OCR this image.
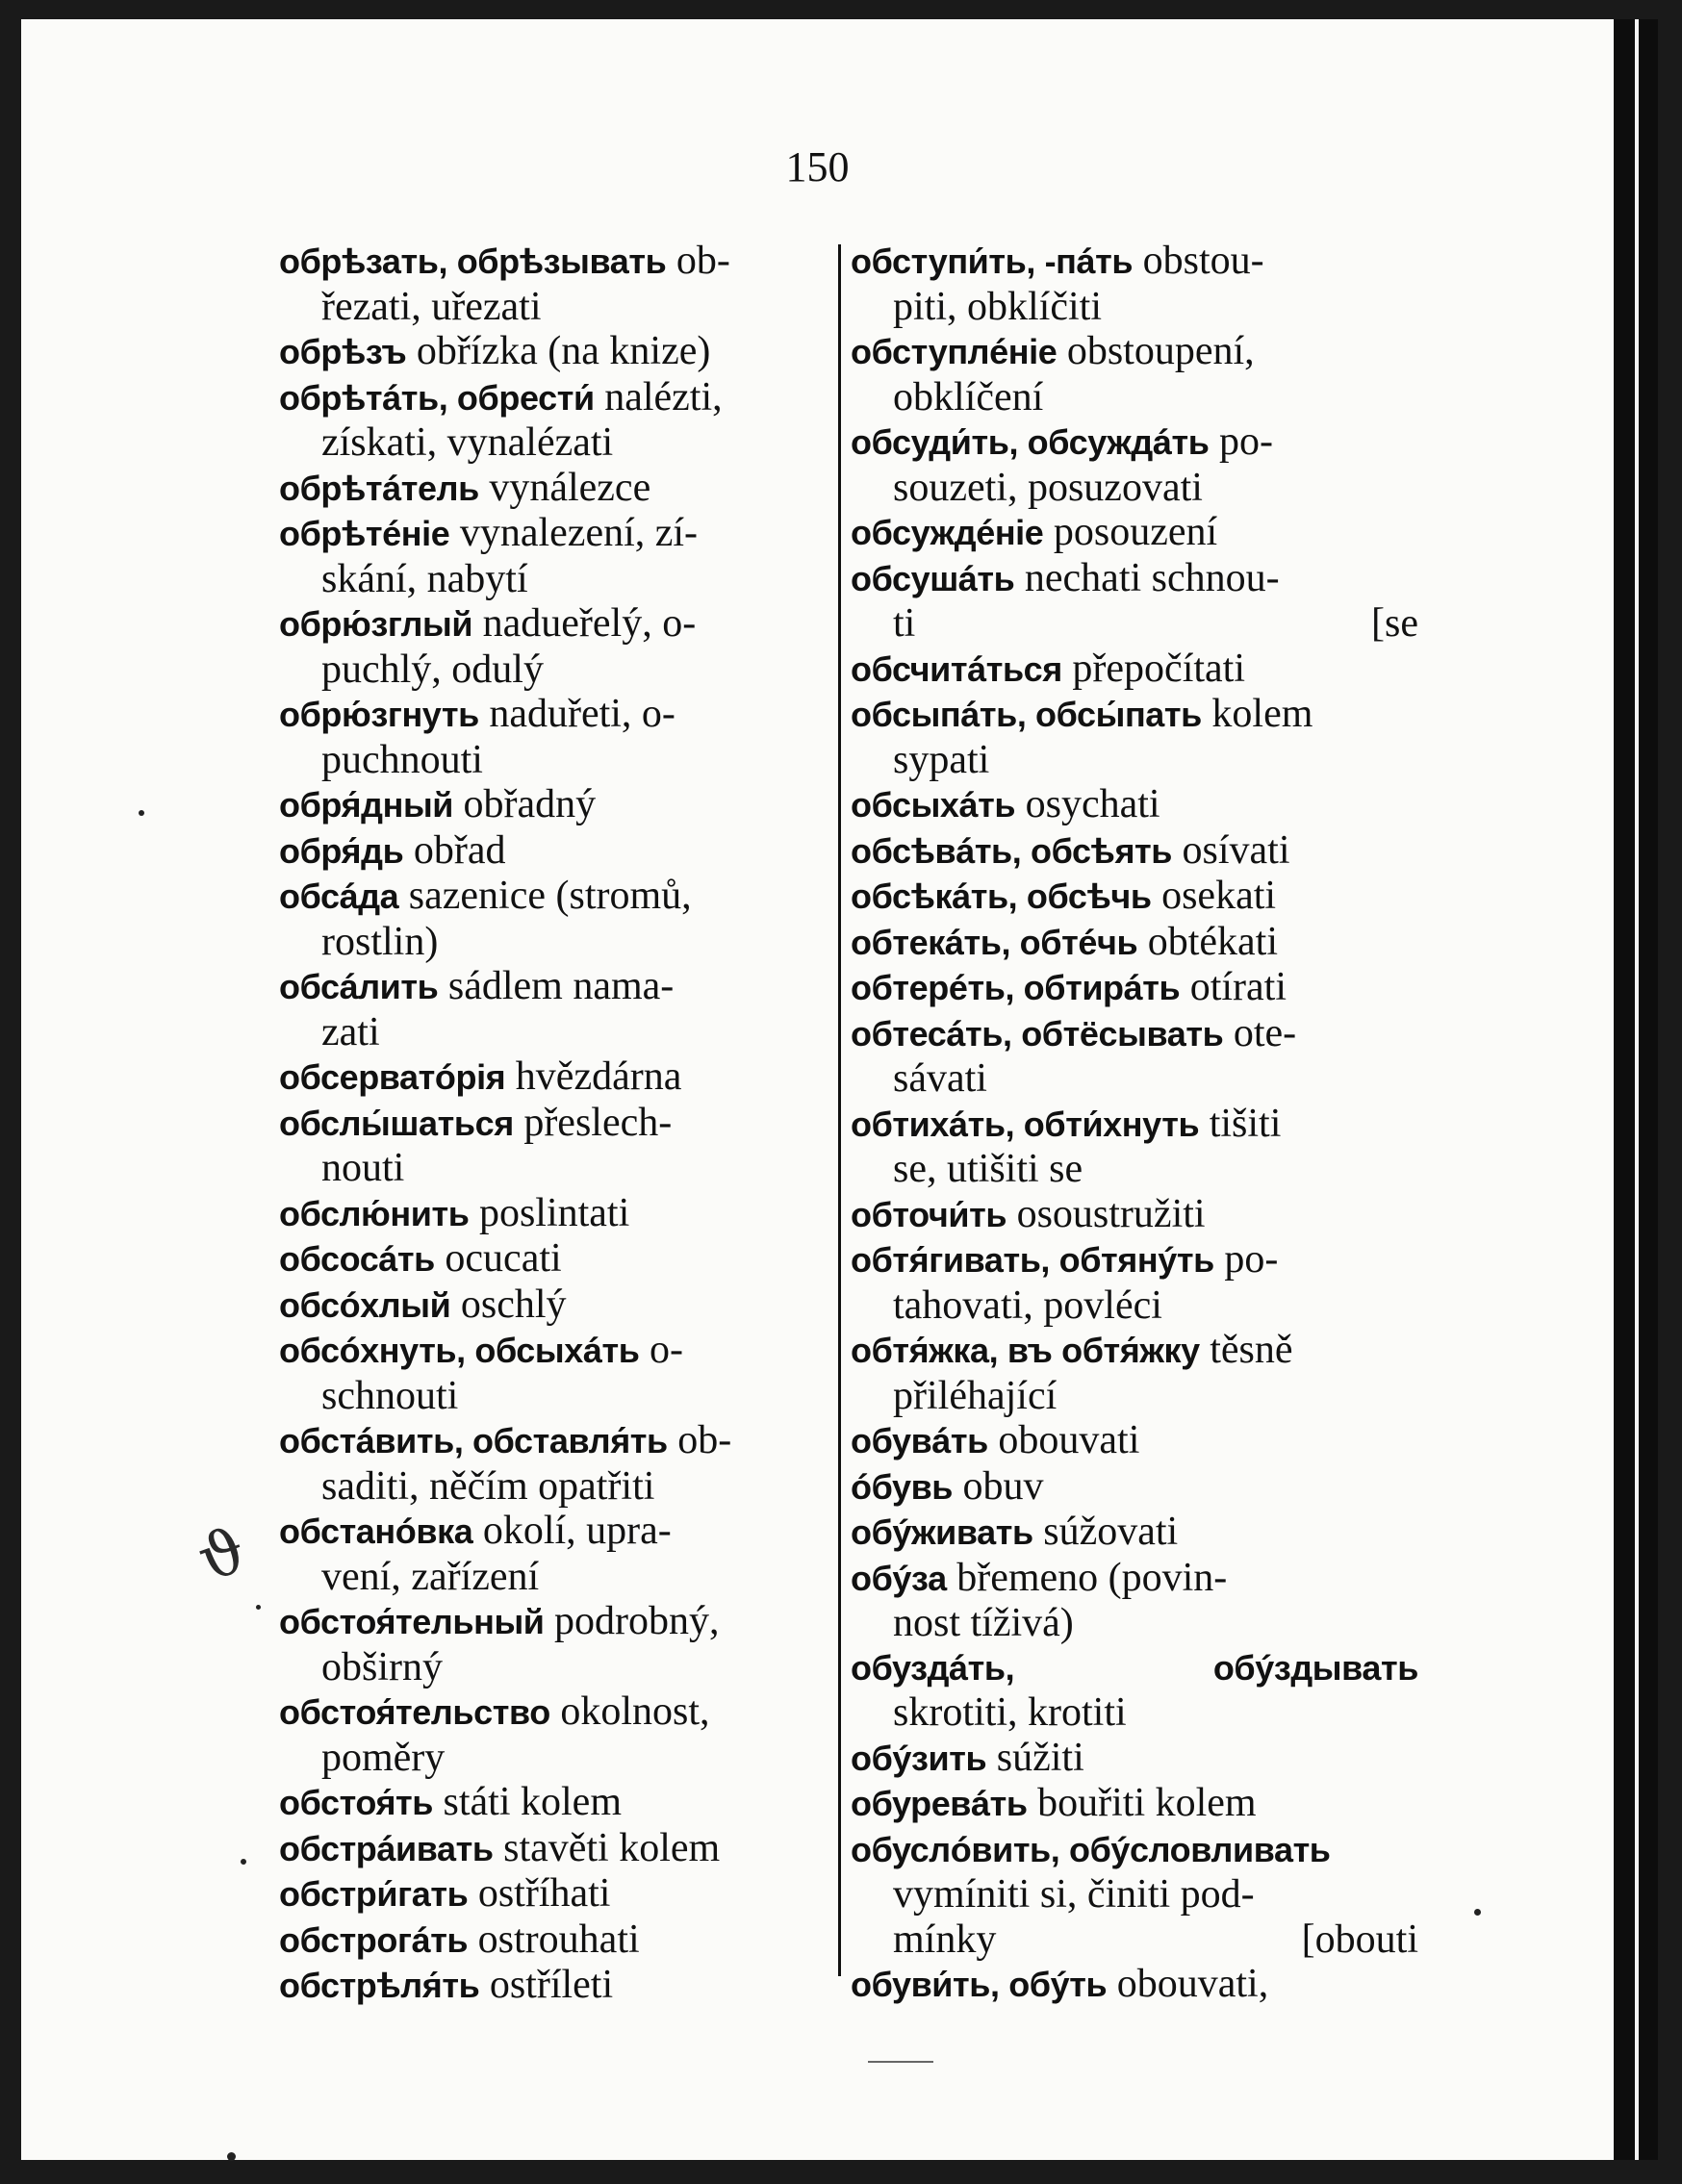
150
обрѣзать, обрѣзывать ob-
řezati, uřezati
обрѣзъ obřízka (na knize)
обрѣтáть, обрести́ nalézti,
získati, vynalézati
обрѣтáтель vynálezce
обрѣтéнiе vynalezení, zí-
skání, nabytí
обрю́зглый nadueřelý, o-
puchlý, odulý
обрю́згнуть naduřeti, o-
puchnouti
обря́дный obřadný
обря́дь obřad
обсáда sazenice (stromů,
rostlin)
обсáлить sádlem nama-
zati
обсерватóрiя hvězdárna
обслы́шаться přeslech-
nouti
обслю́нить poslintati
обсосáть ocucati
обсóхлый oschlý
обсóхнуть, обсыхáть o-
schnouti
обстáвить, обставля́ть ob-
saditi, něčím opatřiti
обстанóвка okolí, upra-
vení, zařízení
обстоя́тельный podrobný,
obširný
обстоя́тельство okolnost,
poměry
обстоя́ть státi kolem
обстрáивать stavěti kolem
обстри́гать ostříhati
обстрогáть ostrouhati
обстрѣля́ть ostříleti
обступи́ть, -пáть obstou-
piti, obklíčiti
обступлéнiе obstoupení,
obklíčení
обсуди́ть, обсуждáть po-
souzeti, posuzovati
обсуждéнiе posouzení
обсушáть nechati schnou-
ti	[se
обсчитáться přepočítati
обсыпáть, обсы́пать kolem
sypati
обсыхáть osychati
обсѣвáть, обсѣять osívati
обсѣкáть, обсѣчь osekati
обтекáть, обтéчь obtékati
обтерéть, обтирáть otírati
обтесáть, обтёсывать ote-
sávati
обтихáть, обти́хнуть tišiti
se, utišiti se
обточи́ть osoustružiti
обтя́гивать, обтянýть po-
tahovati, povléci
обтя́жка, въ обтя́жку těsně
přiléhající
обувáть obouvati
óбувь obuv
обýживать súžovati
обýза břemeno (povin-
nost tíživá)
обуздáть,	обýздывать
skrotiti, krotiti
обýзить súžiti
обуревáть bouřiti kolem
обуслóвить, обýсловливать
vymíniti si, činiti pod-
mínky	[obouti
обуви́ть, обýть obouvati,
ϑ
